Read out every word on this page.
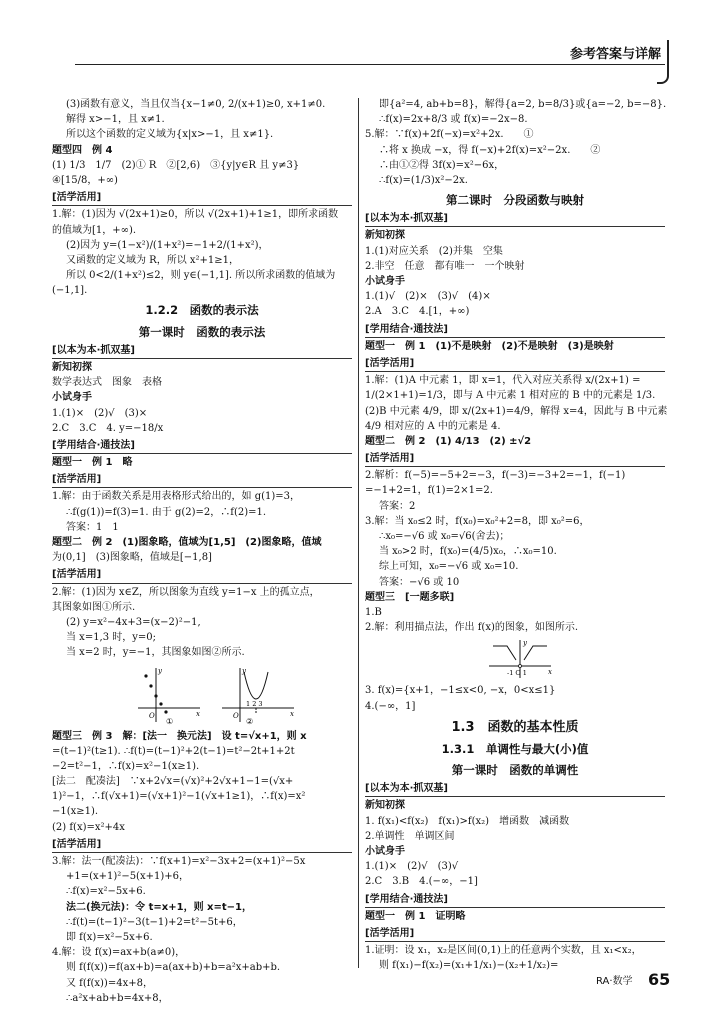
参考答案与详解
(3)函数有意义，当且仅当{x−1≠0, 2/(x+1)≥0, x+1≠0.
解得 x>−1，且 x≠1.
所以这个函数的定义域为{x|x>−1，且 x≠1}.
题型四　例 4
(1) 1/3　1/7　(2)① R　②[2,6)　③{y|y∈R 且 y≠3}
④[15/8，+∞)
[活学活用]
1.解：(1)因为 √(2x+1)≥0，所以 √(2x+1)+1≥1，即所求函数
的值域为[1，+∞).
(2)因为 y=(1−x²)/(1+x²)=−1+2/(1+x²)，
又函数的定义域为 R，所以 x²+1≥1，
所以 0<2/(1+x²)≤2，则 y∈(−1,1]. 所以所求函数的值域为
(−1,1].
1.2.2　函数的表示法
第一课时　函数的表示法
[以本为本·抓双基]
新知初探
数学表达式　图象　表格
小试身手
1.(1)×　(2)√　(3)×
2.C　3.C　4. y=−18/x
[学用结合·通技法]
题型一　例 1　略
[活学活用]
1.解：由于函数关系是用表格形式给出的，如 g(1)=3，
∴f(g(1))=f(3)=1. 由于 g(2)=2，∴f(2)=1.
答案：1　1
题型二　例 2　(1)图象略，值域为[1,5]　(2)图象略，值域
为(0,1]　(3)图象略，值域是[−1,8]
[活学活用]
2.解：(1)因为 x∈Z，所以图象为直线 y=1−x 上的孤立点，
其图象如图①所示.
(2) y=x²−4x+3=(x−2)²−1,
当 x=1,3 时，y=0;
当 x=2 时，y=−1，其图象如图②所示.
O	x
y
①
O
1 2 3
x
y
②
题型三　例 3　解：[法一　换元法]　设 t=√x+1，则 x
=(t−1)²(t≥1). ∴f(t)=(t−1)²+2(t−1)=t²−2t+1+2t
−2=t²−1，∴f(x)=x²−1(x≥1).
[法二　配凑法]　∵x+2√x=(√x)²+2√x+1−1=(√x+
1)²−1，∴f(√x+1)=(√x+1)²−1(√x+1≥1)，∴f(x)=x²
−1(x≥1).
(2) f(x)=x²+4x
[活学活用]
3.解：法一(配凑法)：∵f(x+1)=x²−3x+2=(x+1)²−5x
+1=(x+1)²−5(x+1)+6，
∴f(x)=x²−5x+6.
法二(换元法)：令 t=x+1，则 x=t−1，
∴f(t)=(t−1)²−3(t−1)+2=t²−5t+6，
即 f(x)=x²−5x+6.
4.解：设 f(x)=ax+b(a≠0)，
则 f(f(x))=f(ax+b)=a(ax+b)+b=a²x+ab+b.
又 f(f(x))=4x+8，
∴a²x+ab+b=4x+8，
即{a²=4, ab+b=8}，解得{a=2, b=8/3}或{a=−2, b=−8}.
∴f(x)=2x+8/3 或 f(x)=−2x−8.
5.解：∵f(x)+2f(−x)=x²+2x.　　①
∴将 x 换成 −x，得 f(−x)+2f(x)=x²−2x.　　②
∴由①②得 3f(x)=x²−6x，
∴f(x)=(1/3)x²−2x.
第二课时　分段函数与映射
[以本为本·抓双基]
新知初探
1.(1)对应关系　(2)并集　空集
2.非空　任意　都有唯一　一个映射
小试身手
1.(1)√　(2)×　(3)√　(4)×
2.A　3.C　4.[1，+∞)
[学用结合·通技法]
题型一　例 1　(1)不是映射　(2)不是映射　(3)是映射
[活学活用]
1.解：(1)A 中元素 1，即 x=1，代入对应关系得 x/(2x+1) =
1/(2×1+1)=1/3，即与 A 中元素 1 相对应的 B 中的元素是 1/3.
(2)B 中元素 4/9，即 x/(2x+1)=4/9，解得 x=4，因此与 B 中元素
4/9 相对应的 A 中的元素是 4.
题型二　例 2　(1) 4/13　(2) ±√2
[活学活用]
2.解析：f(−5)=−5+2=−3，f(−3)=−3+2=−1，f(−1)
=−1+2=1，f(1)=2×1=2.
答案：2
3.解：当 x₀≤2 时，f(x₀)=x₀²+2=8，即 x₀²=6，
∴x₀=−√6 或 x₀=√6(舍去)；
当 x₀>2 时，f(x₀)=(4/5)x₀，∴x₀=10.
综上可知，x₀=−√6 或 x₀=10.
答案：−√6 或 10
题型三　[一题多联]
1.B
2.解：利用描点法，作出 f(x)的图象，如图所示.
-1 O 1	x
y
3. f(x)={x+1，−1≤x<0, −x，0<x≤1}
4.(−∞，1]
1.3　函数的基本性质
1.3.1　单调性与最大(小)值
第一课时　函数的单调性
[以本为本·抓双基]
新知初探
1. f(x₁)<f(x₂)　f(x₁)>f(x₂)　增函数　减函数
2.单调性　单调区间
小试身手
1.(1)×　(2)√　(3)√
2.C　3.B　4.(−∞，−1]
[学用结合·通技法]
题型一　例 1　证明略
[活学活用]
1.证明：设 x₁，x₂是区间(0,1)上的任意两个实数，且 x₁<x₂，
则 f(x₁)−f(x₂)=(x₁+1/x₁)−(x₂+1/x₂)=
RA·数学 65
